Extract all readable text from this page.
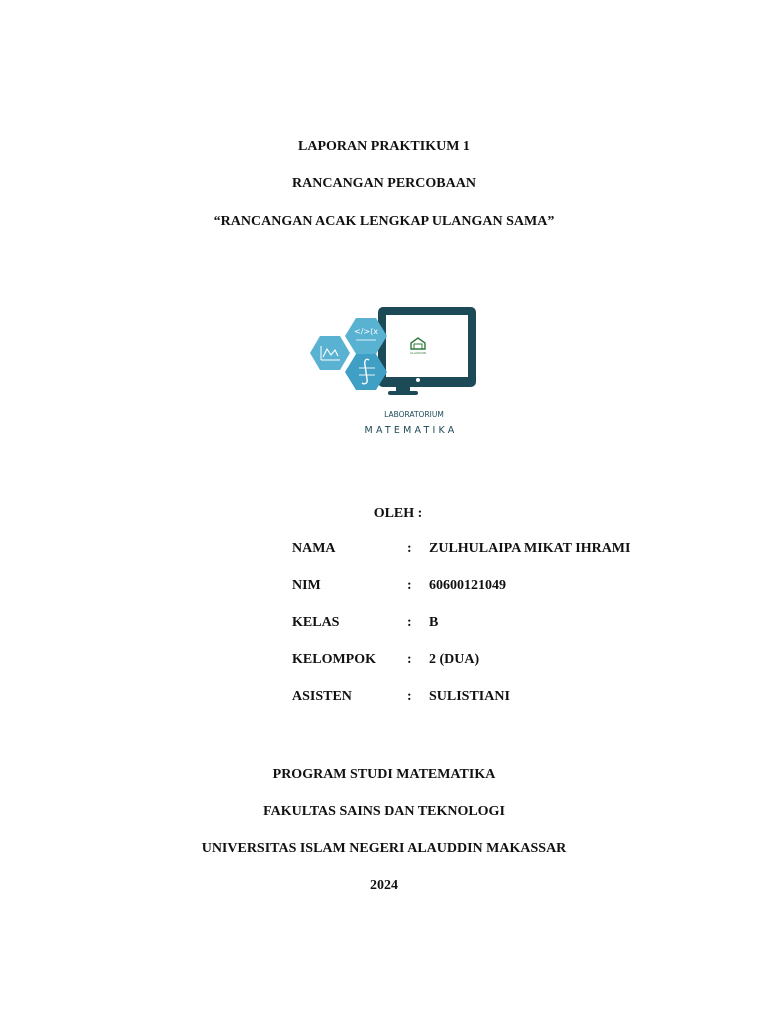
LAPORAN PRAKTIKUM 1
RANCANGAN PERCOBAAN
“RANCANGAN ACAK LENGKAP ULANGAN SAMA”
ALAUDDIN
</>(x
LABORATORIUM
MATEMATIKA
OLEH :
NAMA	: ZULHULAIPA MIKAT IHRAMI
NIM	: 60600121049
KELAS	: B
KELOMPOK : 2 (DUA)
ASISTEN	: SULISTIANI
PROGRAM STUDI MATEMATIKA
FAKULTAS SAINS DAN TEKNOLOGI
UNIVERSITAS ISLAM NEGERI ALAUDDIN MAKASSAR
2024
